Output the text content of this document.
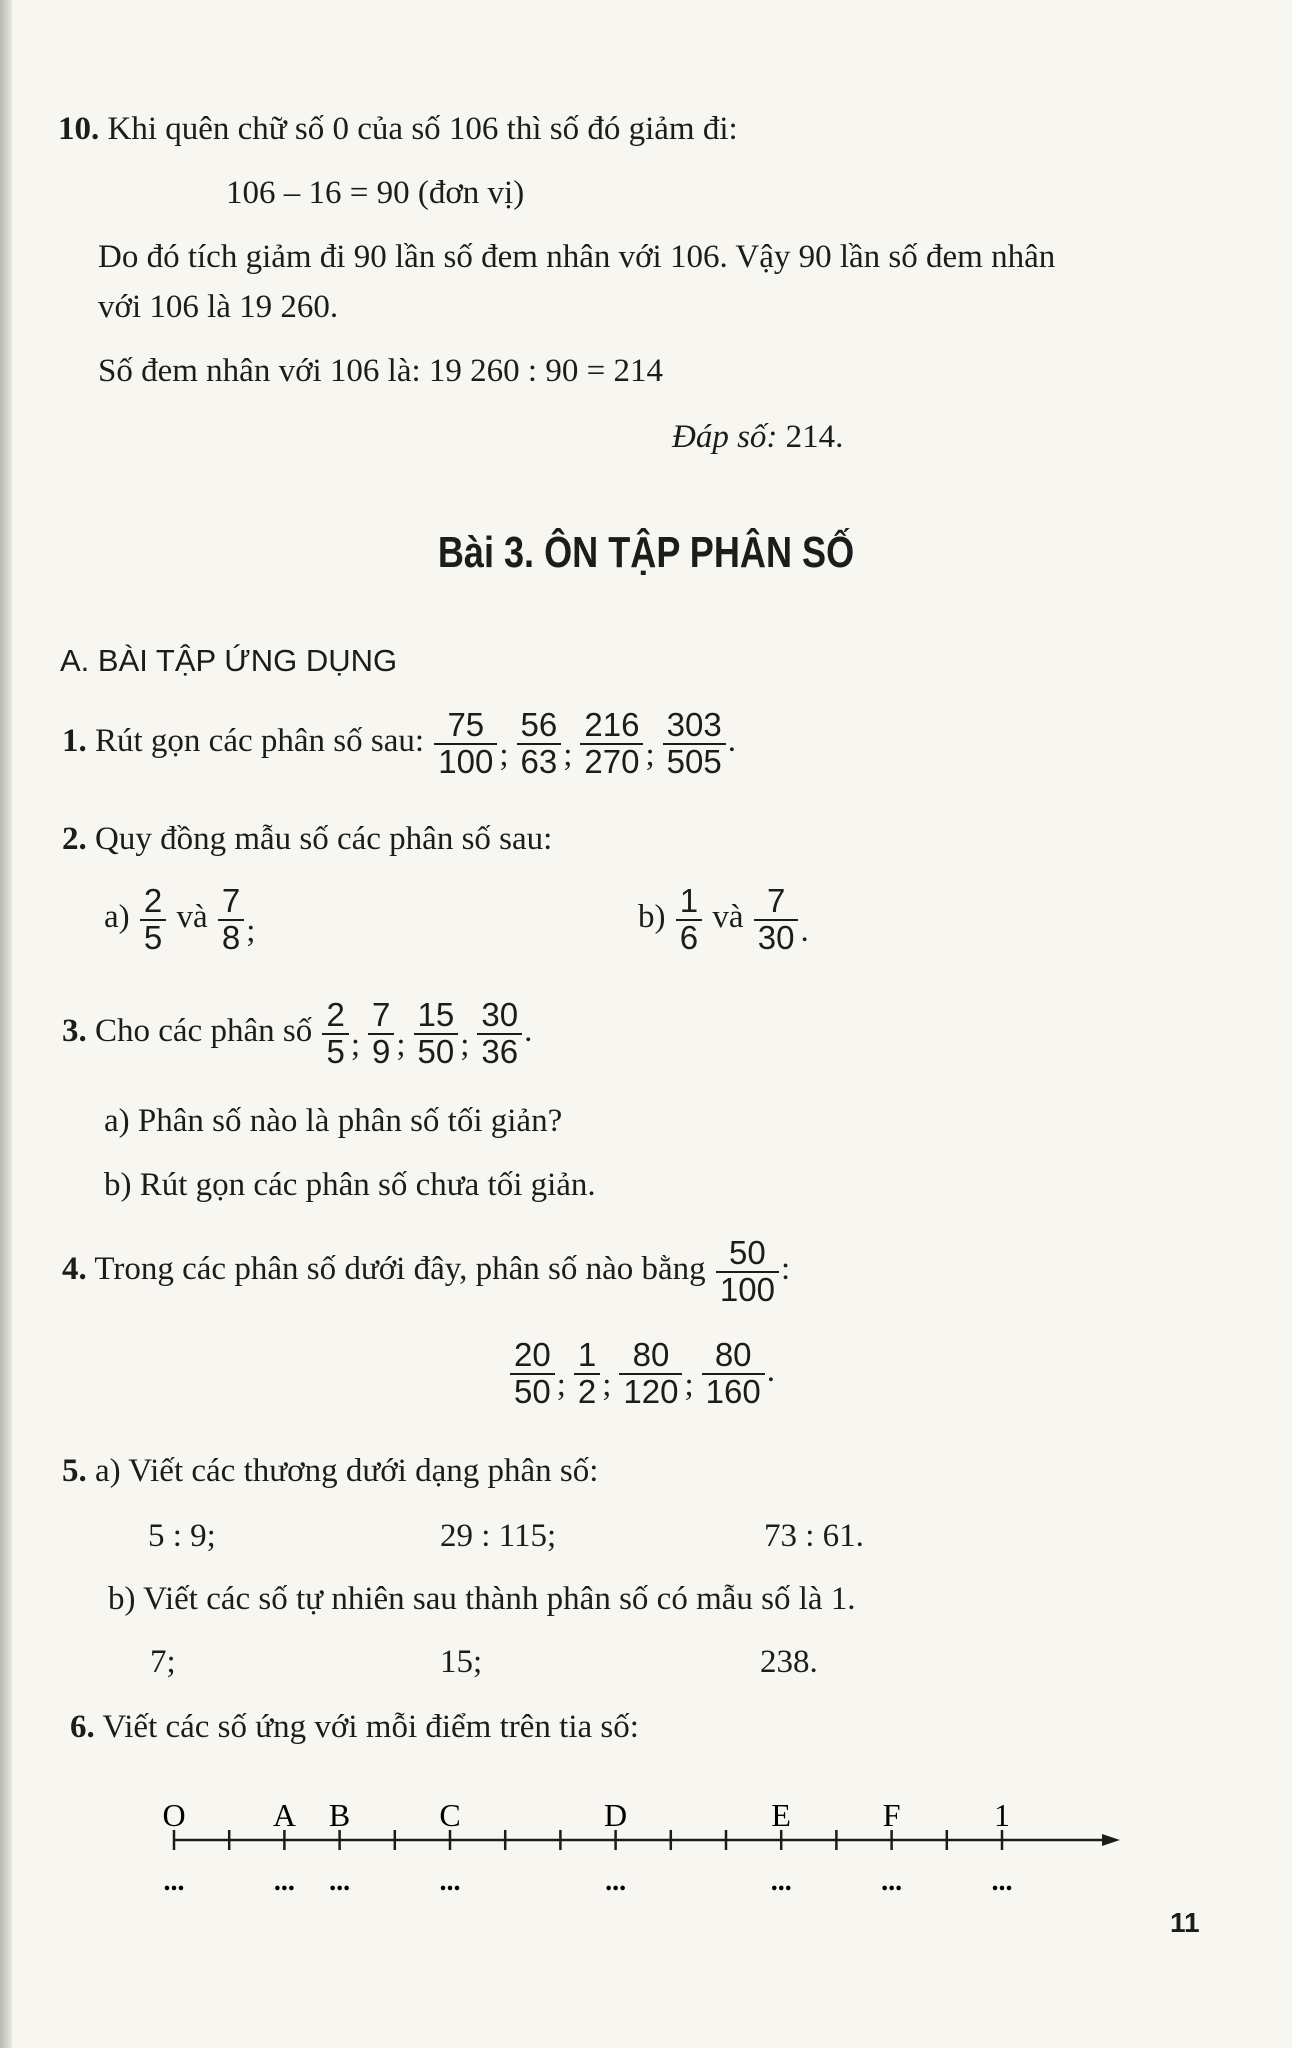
10. Khi quên chữ số 0 của số 106 thì số đó giảm đi:
106 – 16 = 90 (đơn vị)
Do đó tích giảm đi 90 lần số đem nhân với 106. Vậy 90 lần số đem nhân
với 106 là 19 260.
Số đem nhân với 106 là: 19 260 : 90 = 214
Đáp số: 214.
Bài 3. ÔN TẬP PHÂN SỐ
A. BÀI TẬP ỨNG DỤNG
1. Rút gọn các phân số sau: $\frac{75}{100}$ ; $\frac{56}{63}$ ; $\frac{216}{270}$ ; $\frac{303}{505}$ .
2. Quy đồng mẫu số các phân số sau:
$a) \frac{2}{5}$ và $\frac{7}{8}$ ;	$b) \frac{1}{6}$ và $\frac{7}{30}$ .
3. Cho các phân số $\frac{2}{5}$ ; $\frac{7}{9}$ ; $\frac{15}{50}$ ; $\frac{30}{36}$ .
a) Phân số nào là phân số tối giản?
b) Rút gọn các phân số chưa tối giản.
4. Trong các phân số dưới đây, phân số nào bằng $\frac{50}{100}$ :
$\frac{20}{50}$ ; $\frac{1}{2}$ ; $\frac{80}{120}$ ; $\frac{80}{160}$ .
5. a) Viết các thương dưới dạng phân số:
5 : 9;	29 : 115;	73 : 61.
b) Viết các số tự nhiên sau thành phân số có mẫu số là 1.
7;	15;	238.
6. Viết các số ứng với mỗi điểm trên tia số:
O
...
A
...
B
...
C
...
D
...
E
...
F
...
1
...
11
